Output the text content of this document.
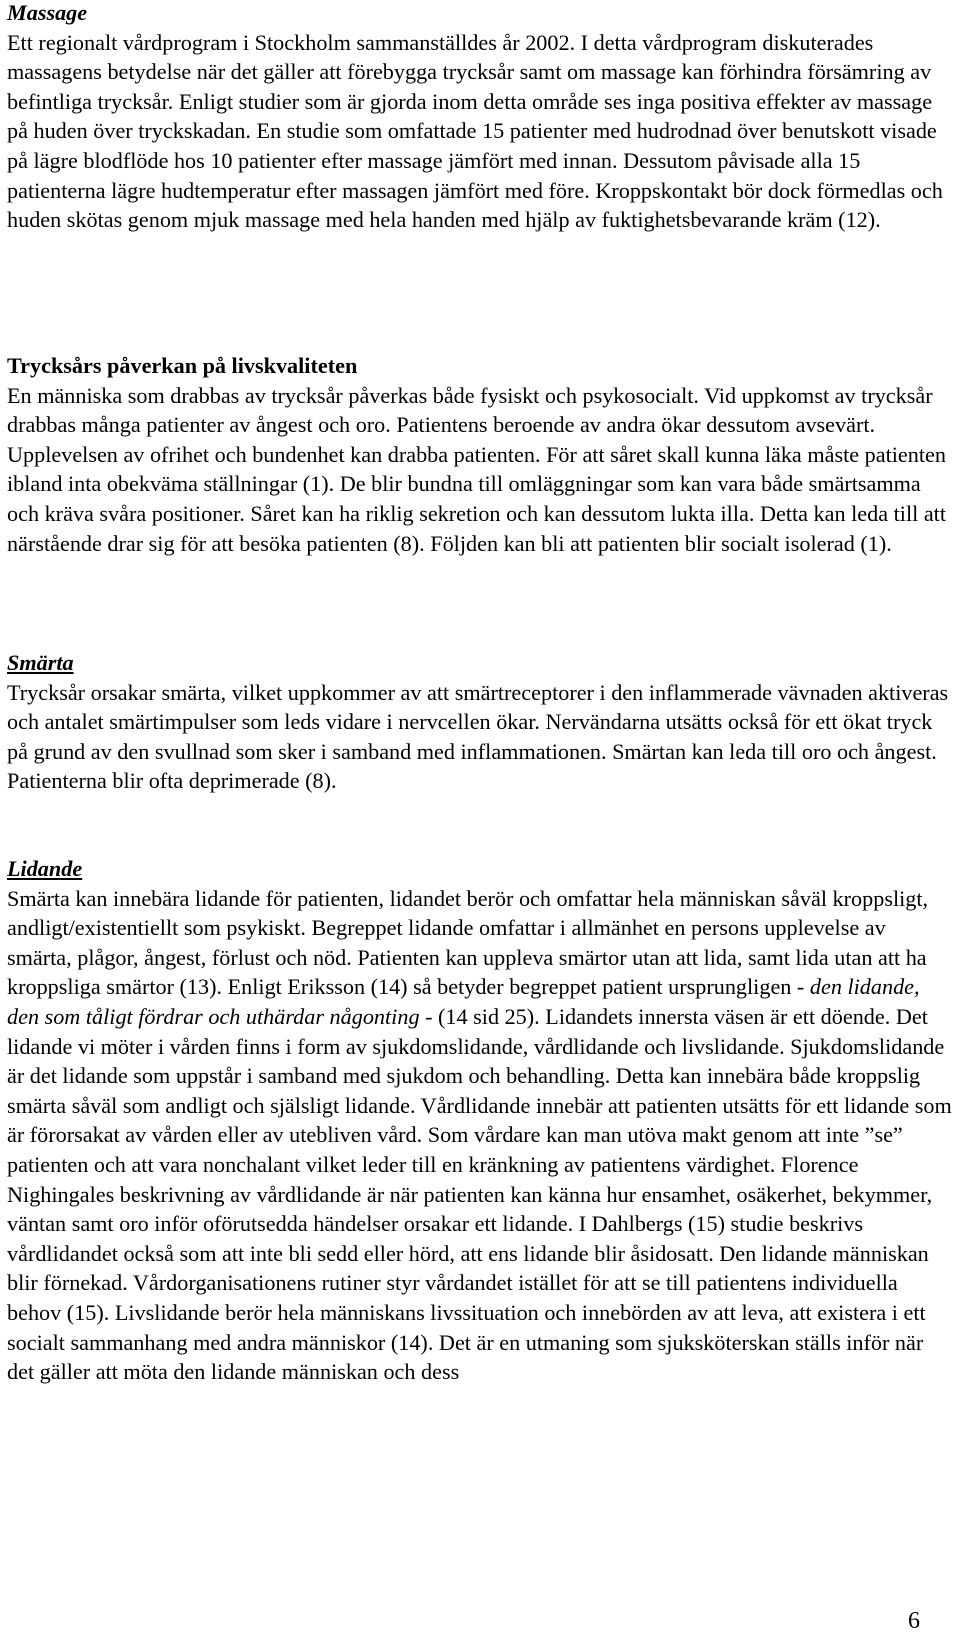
Massage
Ett regionalt vårdprogram i Stockholm sammanställdes år 2002. I detta vårdprogram diskuterades massagens betydelse när det gäller att förebygga trycksår samt om massage kan förhindra försämring av befintliga trycksår. Enligt studier som är gjorda inom detta område ses inga positiva effekter av massage på huden över tryckskadan. En studie som omfattade 15 patienter med hudrodnad över benutskott visade på lägre blodflöde hos 10 patienter efter massage jämfört med innan. Dessutom påvisade alla 15 patienterna lägre hudtemperatur efter massagen jämfört med före. Kroppskontakt bör dock förmedlas och huden skötas genom mjuk massage med hela handen med hjälp av fuktighetsbevarande kräm (12).
Trycksårs påverkan på livskvaliteten
En människa som drabbas av trycksår påverkas både fysiskt och psykosocialt. Vid uppkomst av trycksår drabbas många patienter av ångest och oro. Patientens beroende av andra ökar dessutom avsevärt. Upplevelsen av ofrihet och bundenhet kan drabba patienten. För att såret skall kunna läka måste patienten ibland inta obekväma ställningar (1). De blir bundna till omläggningar som kan vara både smärtsamma och kräva svåra positioner. Såret kan ha riklig sekretion och kan dessutom lukta illa. Detta kan leda till att närstående drar sig för att besöka patienten (8). Följden kan bli att patienten blir socialt isolerad (1).
Smärta
Trycksår orsakar smärta, vilket uppkommer av att smärtreceptorer i den inflammerade vävnaden aktiveras och antalet smärtimpulser som leds vidare i nervcellen ökar. Nervändarna utsätts också för ett ökat tryck på grund av den svullnad som sker i samband med inflammationen. Smärtan kan leda till oro och ångest. Patienterna blir ofta deprimerade (8).
Lidande
Smärta kan innebära lidande för patienten, lidandet berör och omfattar hela människan såväl kroppsligt, andligt/existentiellt som psykiskt. Begreppet lidande omfattar i allmänhet en persons upplevelse av smärta, plågor, ångest, förlust och nöd. Patienten kan uppleva smärtor utan att lida, samt lida utan att ha kroppsliga smärtor (13). Enligt Eriksson (14) så betyder begreppet patient ursprungligen - den lidande, den som tåligt fördrar och uthärdar någonting - (14 sid 25). Lidandets innersta väsen är ett döende. Det lidande vi möter i vården finns i form av sjukdomslidande, vårdlidande och livslidande. Sjukdomslidande är det lidande som uppstår i samband med sjukdom och behandling. Detta kan innebära både kroppslig smärta såväl som andligt och själsligt lidande. Vårdlidande innebär att patienten utsätts för ett lidande som är förorsakat av vården eller av utebliven vård. Som vårdare kan man utöva makt genom att inte ”se” patienten och att vara nonchalant vilket leder till en kränkning av patientens värdighet. Florence Nighingales beskrivning av vårdlidande är när patienten kan känna hur ensamhet, osäkerhet, bekymmer, väntan samt oro inför oförutsedda händelser orsakar ett lidande. I Dahlbergs (15) studie beskrivs vårdlidandet också som att inte bli sedd eller hörd, att ens lidande blir åsidosatt. Den lidande människan blir förnekad. Vårdorganisationens rutiner styr vårdandet istället för att se till patientens individuella behov (15). Livslidande berör hela människans livssituation och innebörden av att leva, att existera i ett socialt sammanhang med andra människor (14). Det är en utmaning som sjuksköterskan ställs inför när det gäller att möta den lidande människan och dess
6
